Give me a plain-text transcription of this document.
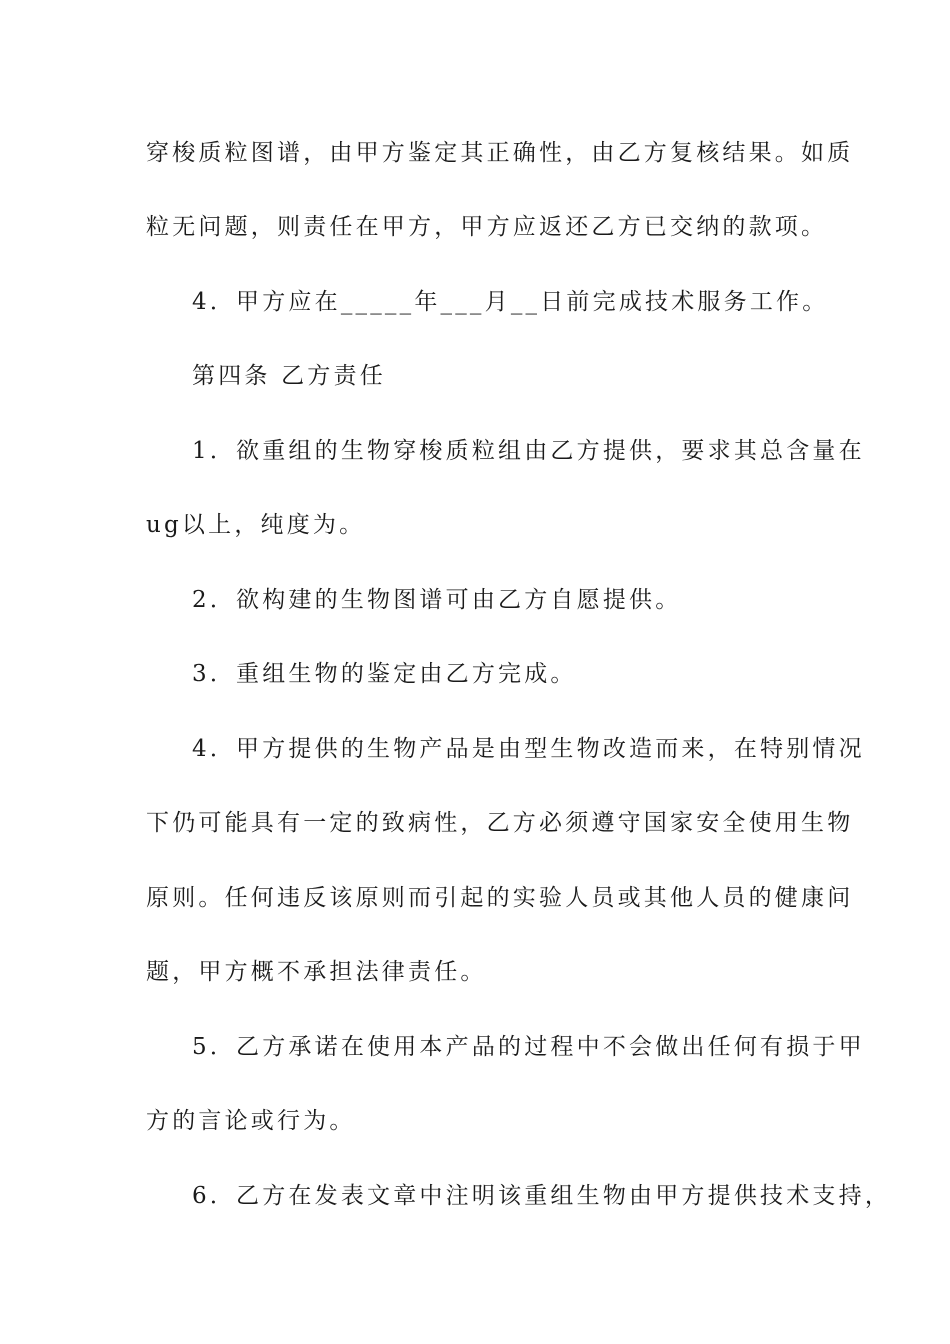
穿梭质粒图谱，由甲方鉴定其正确性，由乙方复核结果。如质

粒无问题，则责任在甲方，甲方应返还乙方已交纳的款项。

4．甲方应在_____年___月__日前完成技术服务工作。

第四条 乙方责任

1．欲重组的生物穿梭质粒组由乙方提供，要求其总含量在

ug以上，纯度为。

2．欲构建的生物图谱可由乙方自愿提供。

3．重组生物的鉴定由乙方完成。

4．甲方提供的生物产品是由型生物改造而来，在特别情况

下仍可能具有一定的致病性，乙方必须遵守国家安全使用生物

原则。任何违反该原则而引起的实验人员或其他人员的健康问

题，甲方概不承担法律责任。

5．乙方承诺在使用本产品的过程中不会做出任何有损于甲

方的言论或行为。

6．乙方在发表文章中注明该重组生物由甲方提供技术支持，
